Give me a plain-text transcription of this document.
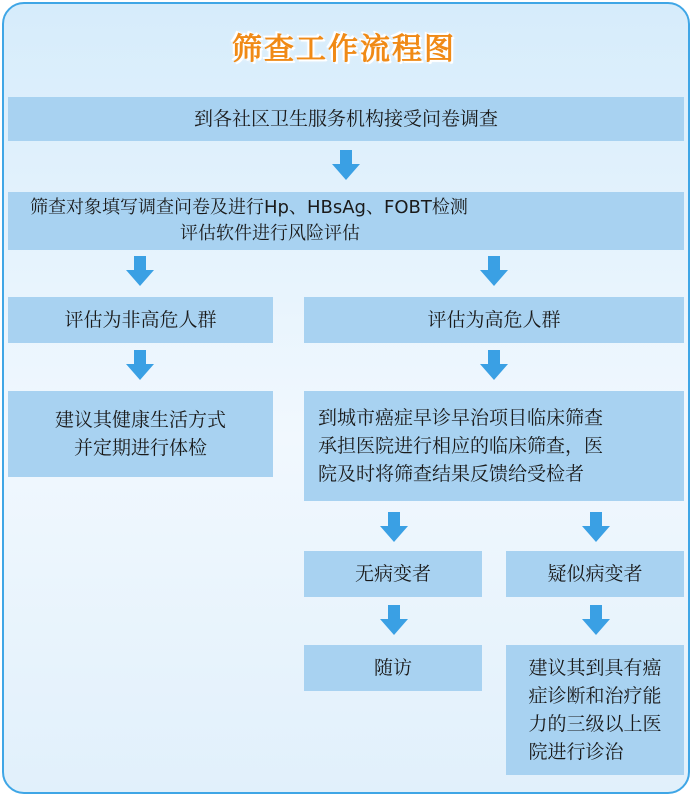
筛查工作流程图
到各社区卫生服务机构接受问卷调查
筛查对象填写调查问卷及进行Hp、HBsAg、FOBT检测
评估软件进行风险评估
评估为非高危人群
建议其健康生活方式
并定期进行体检
评估为高危人群
到城市癌症早诊早治项目临床筛查
承担医院进行相应的临床筛查，医
院及时将筛查结果反馈给受检者
无病变者
随访
疑似病变者
建议其到具有癌
症诊断和治疗能
力的三级以上医
院进行诊治
